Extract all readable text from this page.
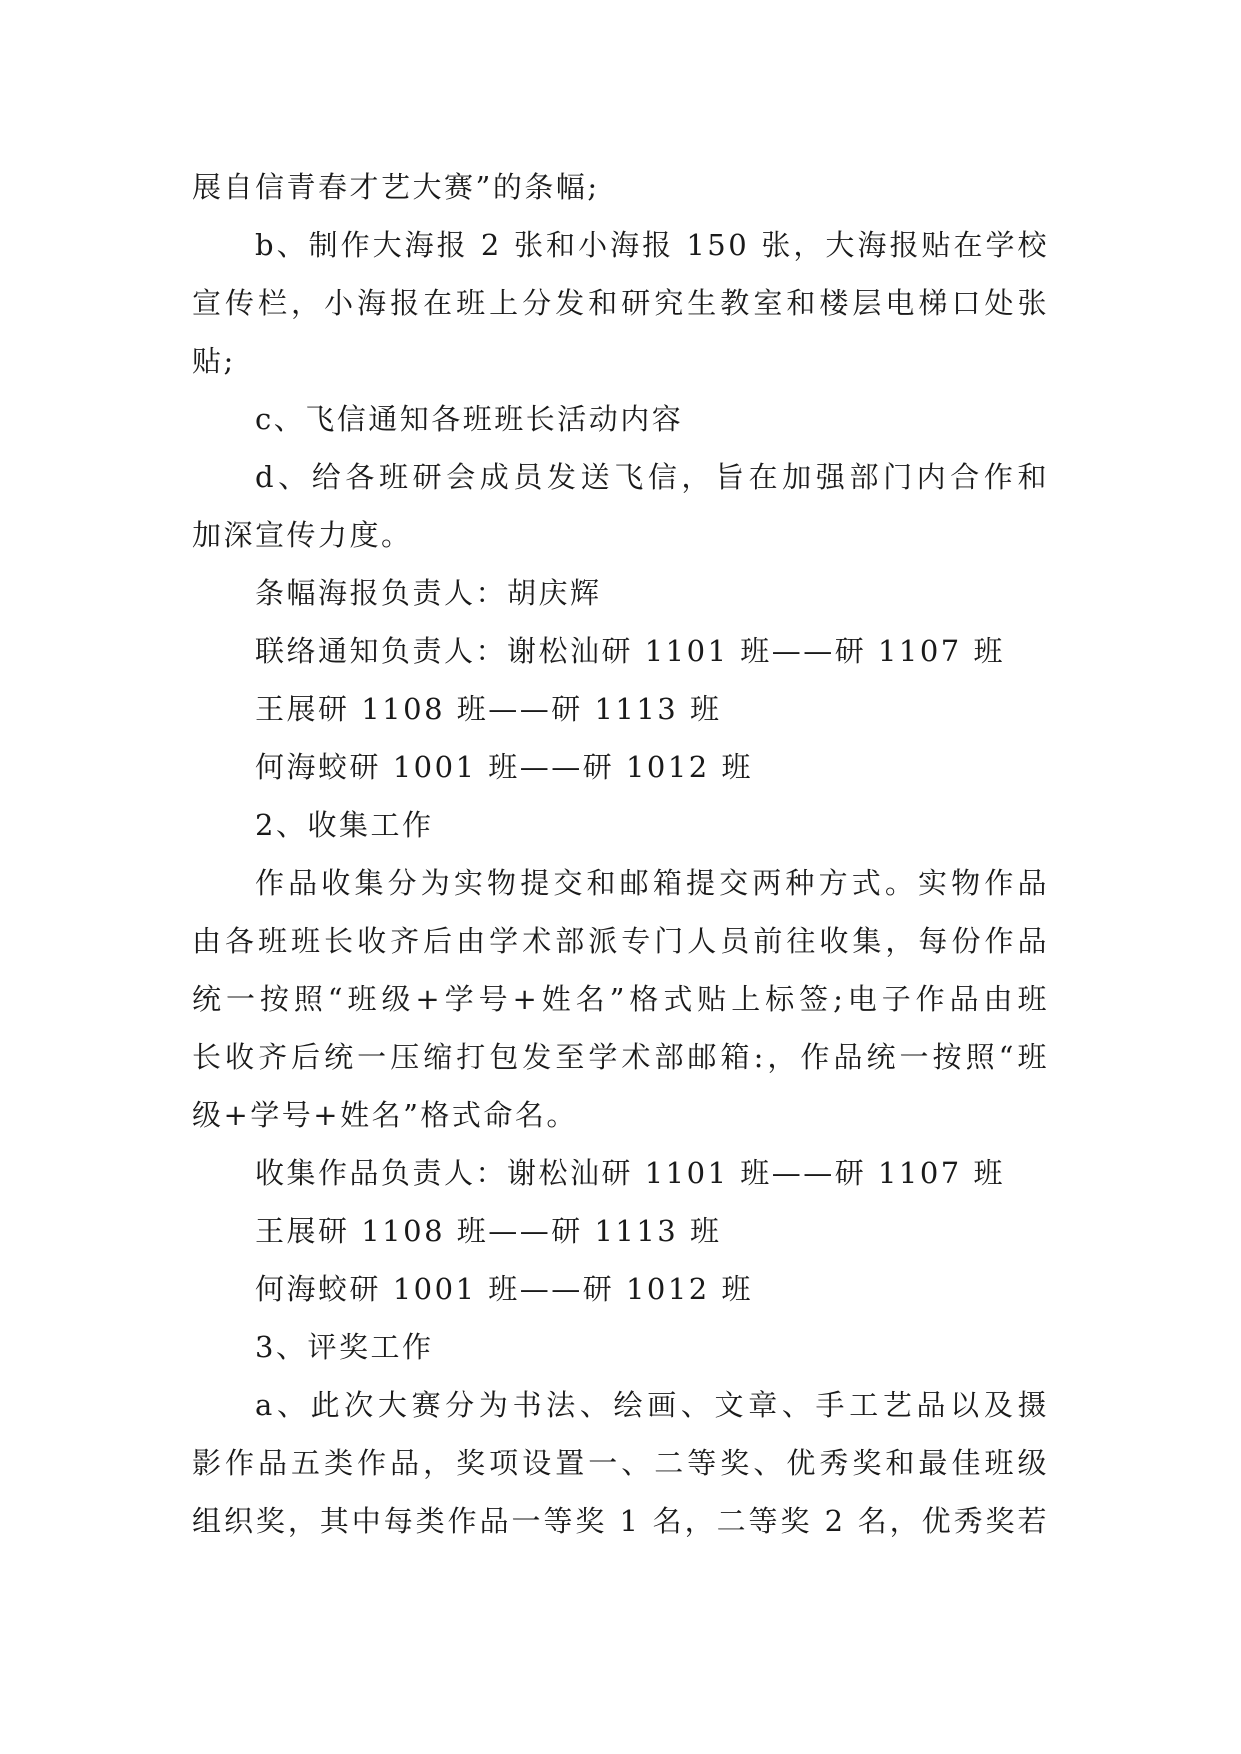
展自信青春才艺大赛”的条幅;
b、制作大海报 2 张和小海报 150 张，大海报贴在学校
宣传栏，小海报在班上分发和研究生教室和楼层电梯口处张
贴;
c、飞信通知各班班长活动内容
d、给各班研会成员发送飞信，旨在加强部门内合作和
加深宣传力度。
条幅海报负责人：胡庆辉
联络通知负责人：谢松汕研 1101 班——研 1107 班
王展研 1108 班——研 1113 班
何海蛟研 1001 班——研 1012 班
2、收集工作
作品收集分为实物提交和邮箱提交两种方式。实物作品
由各班班长收齐后由学术部派专门人员前往收集，每份作品
统一按照“班级+学号+姓名”格式贴上标签;电子作品由班
长收齐后统一压缩打包发至学术部邮箱:，作品统一按照“班
级+学号+姓名”格式命名。
收集作品负责人：谢松汕研 1101 班——研 1107 班
王展研 1108 班——研 1113 班
何海蛟研 1001 班——研 1012 班
3、评奖工作
a、此次大赛分为书法、绘画、文章、手工艺品以及摄
影作品五类作品，奖项设置一、二等奖、优秀奖和最佳班级
组织奖，其中每类作品一等奖 1 名，二等奖 2 名，优秀奖若
